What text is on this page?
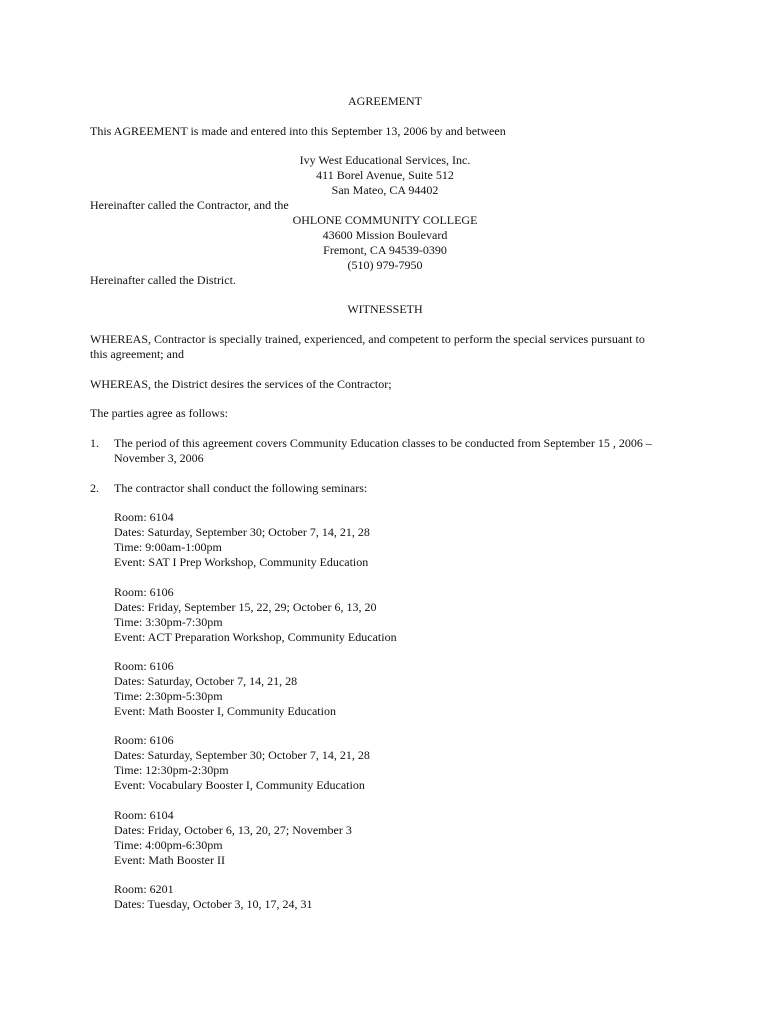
AGREEMENT
This AGREEMENT is made and entered into this September 13, 2006 by and between
Ivy West Educational Services, Inc.
411 Borel Avenue, Suite 512
San Mateo, CA 94402
Hereinafter called the Contractor, and the
OHLONE COMMUNITY COLLEGE
43600 Mission Boulevard
Fremont, CA 94539-0390
(510) 979-7950
Hereinafter called the District.
WITNESSETH
WHEREAS, Contractor is specially trained, experienced, and competent to perform the special services pursuant to
this agreement; and
WHEREAS, the District desires the services of the Contractor;
The parties agree as follows:
1. The period of this agreement covers Community Education classes to be conducted from September 15 , 2006 –
November 3, 2006
2. The contractor shall conduct the following seminars:
Room: 6104
Dates: Saturday, September 30; October 7, 14, 21, 28
Time: 9:00am-1:00pm
Event: SAT I Prep Workshop, Community Education
Room: 6106
Dates: Friday, September 15, 22, 29; October 6, 13, 20
Time: 3:30pm-7:30pm
Event: ACT Preparation Workshop, Community Education
Room: 6106
Dates: Saturday, October 7, 14, 21, 28
Time: 2:30pm-5:30pm
Event: Math Booster I, Community Education
Room: 6106
Dates: Saturday, September 30; October 7, 14, 21, 28
Time: 12:30pm-2:30pm
Event: Vocabulary Booster I, Community Education
Room: 6104
Dates: Friday, October 6, 13, 20, 27; November 3
Time: 4:00pm-6:30pm
Event: Math Booster II
Room: 6201
Dates: Tuesday, October 3, 10, 17, 24, 31
